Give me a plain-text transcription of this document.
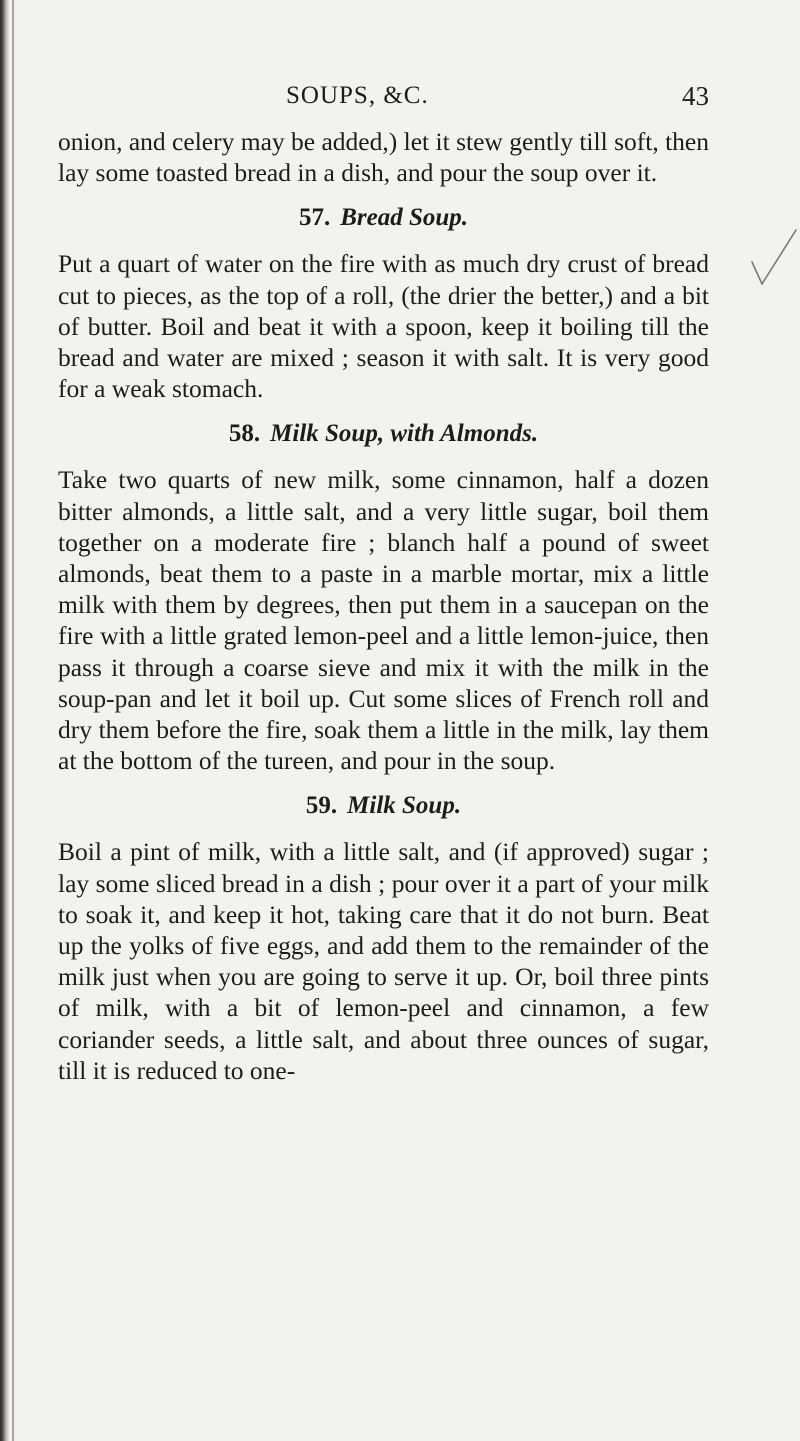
SOUPS, &C.	43

onion, and celery may be added,) let it stew gently till soft, then lay some toasted bread in a dish, and pour the soup over it.

57. Bread Soup.

Put a quart of water on the fire with as much dry crust of bread cut to pieces, as the top of a roll, (the drier the better,) and a bit of butter. Boil and beat it with a spoon, keep it boiling till the bread and water are mixed ; season it with salt. It is very good for a weak stomach.

58. Milk Soup, with Almonds.

Take two quarts of new milk, some cinnamon, half a dozen bitter almonds, a little salt, and a very little sugar, boil them together on a moderate fire ; blanch half a pound of sweet almonds, beat them to a paste in a marble mortar, mix a little milk with them by degrees, then put them in a saucepan on the fire with a little grated lemon-peel and a little lemon-juice, then pass it through a coarse sieve and mix it with the milk in the soup-pan and let it boil up. Cut some slices of French roll and dry them before the fire, soak them a little in the milk, lay them at the bottom of the tureen, and pour in the soup.

59. Milk Soup.

Boil a pint of milk, with a little salt, and (if approved) sugar ; lay some sliced bread in a dish ; pour over it a part of your milk to soak it, and keep it hot, taking care that it do not burn. Beat up the yolks of five eggs, and add them to the remainder of the milk just when you are going to serve it up. Or, boil three pints of milk, with a bit of lemon-peel and cinnamon, a few coriander seeds, a little salt, and about three ounces of sugar, till it is reduced to one-
